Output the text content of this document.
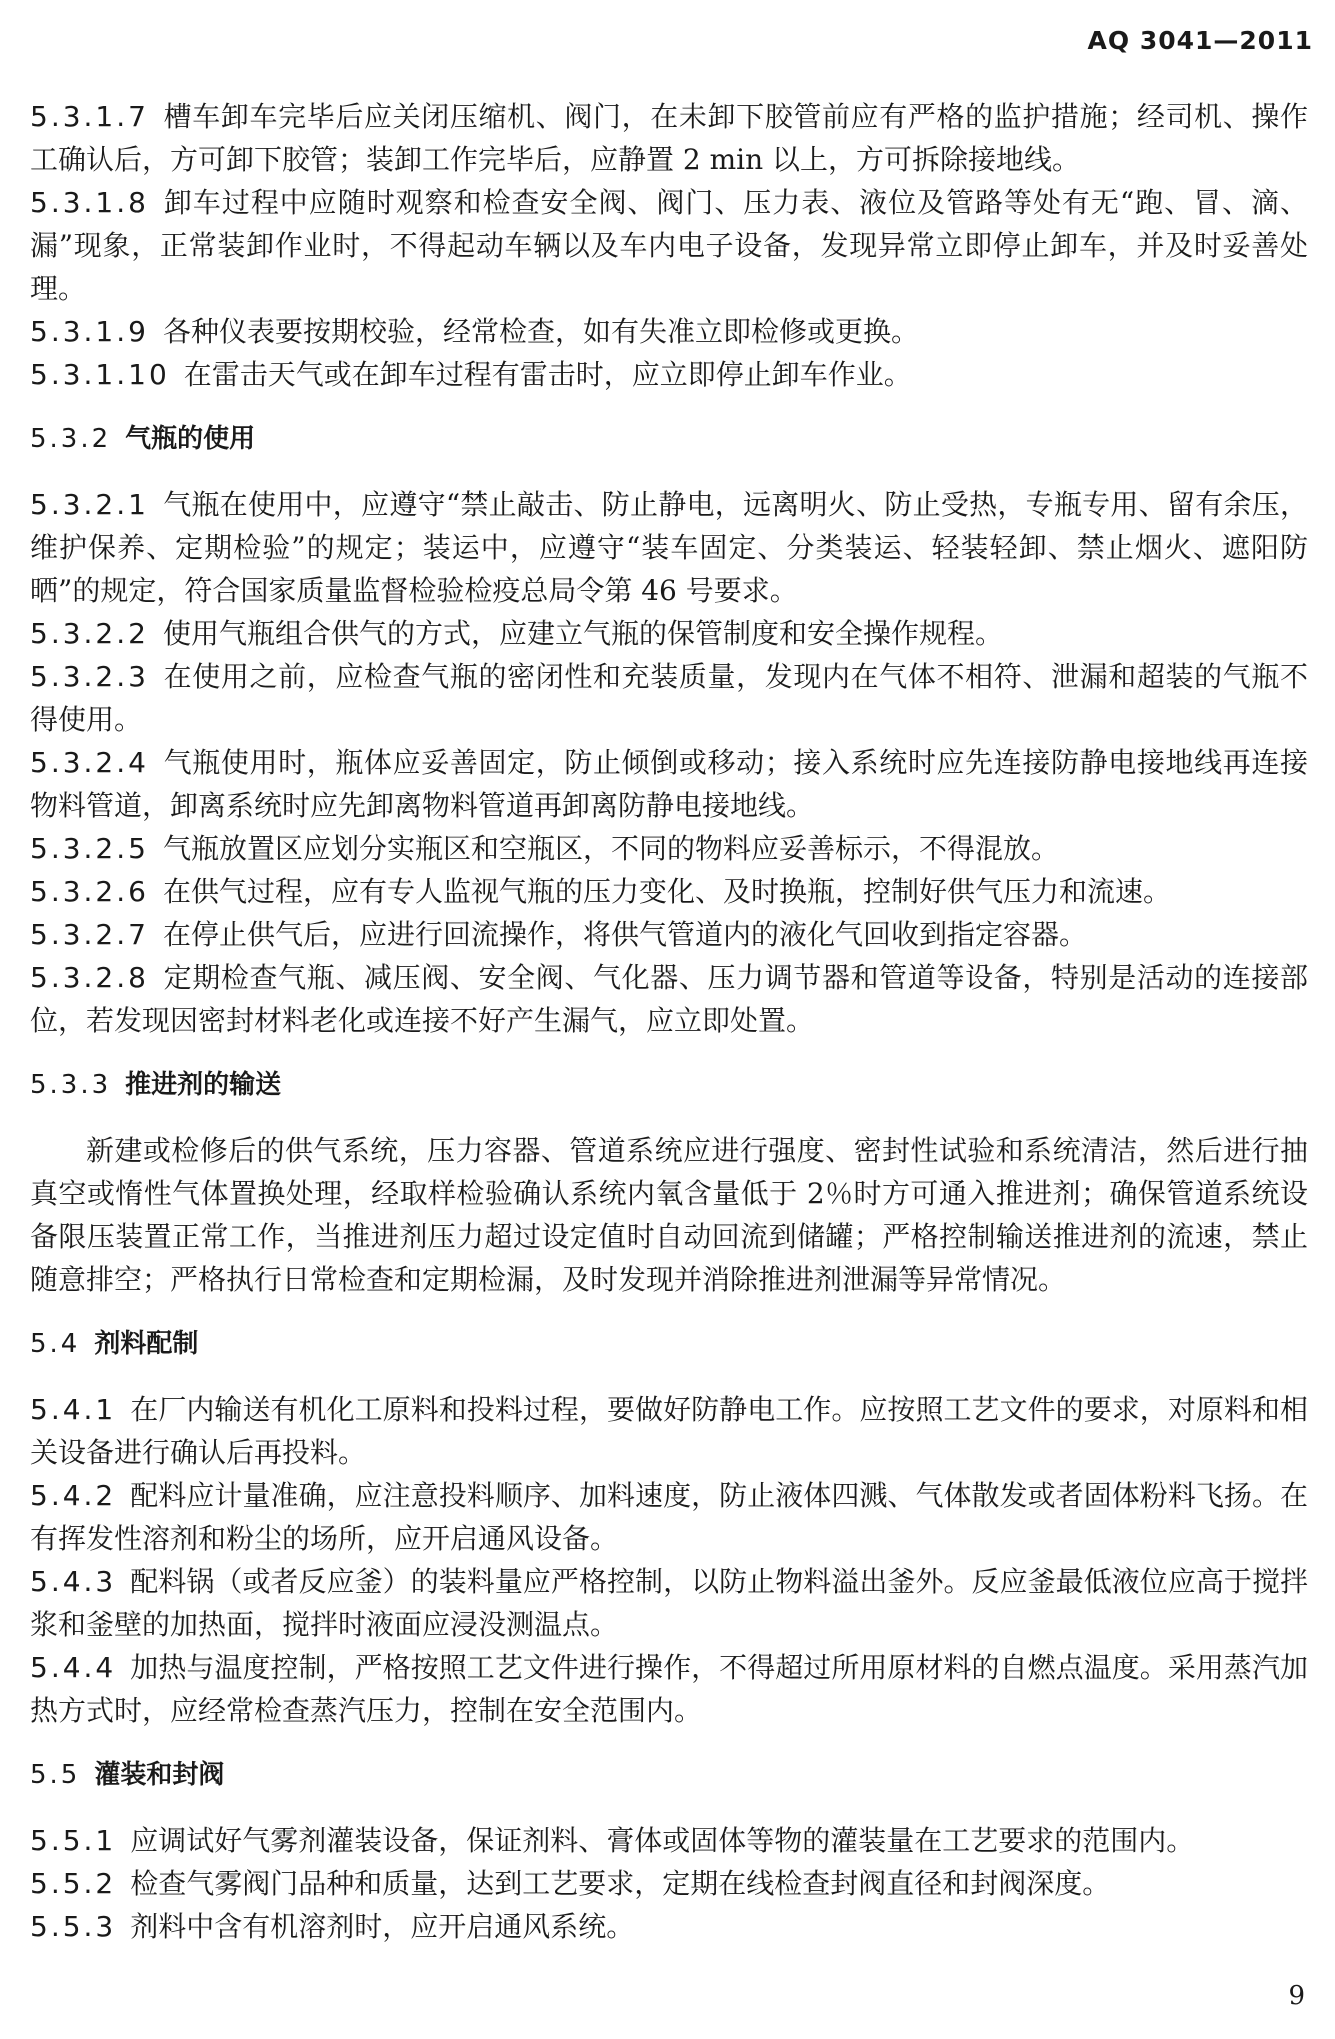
AQ 3041—2011

5.3.1.7 槽车卸车完毕后应关闭压缩机、阀门，在未卸下胶管前应有严格的监护措施；经司机、操作工确认后，方可卸下胶管；装卸工作完毕后，应静置 2 min 以上，方可拆除接地线。

5.3.1.8 卸车过程中应随时观察和检查安全阀、阀门、压力表、液位及管路等处有无“跑、冒、滴、漏”现象，正常装卸作业时，不得起动车辆以及车内电子设备，发现异常立即停止卸车，并及时妥善处理。

5.3.1.9 各种仪表要按期校验，经常检查，如有失准立即检修或更换。

5.3.1.10 在雷击天气或在卸车过程有雷击时，应立即停止卸车作业。

5.3.2 气瓶的使用

5.3.2.1 气瓶在使用中，应遵守“禁止敲击、防止静电，远离明火、防止受热，专瓶专用、留有余压，维护保养、定期检验”的规定；装运中，应遵守“装车固定、分类装运、轻装轻卸、禁止烟火、遮阳防晒”的规定，符合国家质量监督检验检疫总局令第 46 号要求。

5.3.2.2 使用气瓶组合供气的方式，应建立气瓶的保管制度和安全操作规程。

5.3.2.3 在使用之前，应检查气瓶的密闭性和充装质量，发现内在气体不相符、泄漏和超装的气瓶不得使用。

5.3.2.4 气瓶使用时，瓶体应妥善固定，防止倾倒或移动；接入系统时应先连接防静电接地线再连接物料管道，卸离系统时应先卸离物料管道再卸离防静电接地线。

5.3.2.5 气瓶放置区应划分实瓶区和空瓶区，不同的物料应妥善标示，不得混放。

5.3.2.6 在供气过程，应有专人监视气瓶的压力变化、及时换瓶，控制好供气压力和流速。

5.3.2.7 在停止供气后，应进行回流操作，将供气管道内的液化气回收到指定容器。

5.3.2.8 定期检查气瓶、减压阀、安全阀、气化器、压力调节器和管道等设备，特别是活动的连接部位，若发现因密封材料老化或连接不好产生漏气，应立即处置。

5.3.3 推进剂的输送

新建或检修后的供气系统，压力容器、管道系统应进行强度、密封性试验和系统清洁，然后进行抽真空或惰性气体置换处理，经取样检验确认系统内氧含量低于 2％时方可通入推进剂；确保管道系统设备限压装置正常工作，当推进剂压力超过设定值时自动回流到储罐；严格控制输送推进剂的流速，禁止随意排空；严格执行日常检查和定期检漏，及时发现并消除推进剂泄漏等异常情况。

5.4 剂料配制

5.4.1 在厂内输送有机化工原料和投料过程，要做好防静电工作。应按照工艺文件的要求，对原料和相关设备进行确认后再投料。

5.4.2 配料应计量准确，应注意投料顺序、加料速度，防止液体四溅、气体散发或者固体粉料飞扬。在有挥发性溶剂和粉尘的场所，应开启通风设备。

5.4.3 配料锅（或者反应釜）的装料量应严格控制，以防止物料溢出釜外。反应釜最低液位应高于搅拌浆和釜壁的加热面，搅拌时液面应浸没测温点。

5.4.4 加热与温度控制，严格按照工艺文件进行操作，不得超过所用原材料的自燃点温度。采用蒸汽加热方式时，应经常检查蒸汽压力，控制在安全范围内。

5.5 灌装和封阀

5.5.1 应调试好气雾剂灌装设备，保证剂料、膏体或固体等物的灌装量在工艺要求的范围内。

5.5.2 检查气雾阀门品种和质量，达到工艺要求，定期在线检查封阀直径和封阀深度。

5.5.3 剂料中含有机溶剂时，应开启通风系统。

9
